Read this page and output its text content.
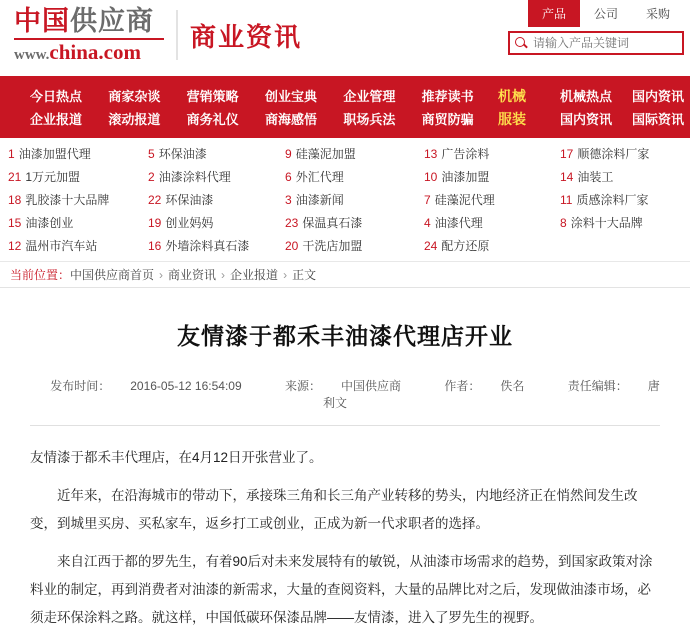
中国供应商
www.china.com	商业资讯
产品	公司	采购
请输入产品关键词
今日热点	商家杂谈	营销策略	创业宝典	企业管理	推荐读书
企业报道	滚动报道	商务礼仪	商海感悟	职场兵法	商贸防骗
机械	机械热点	国内资讯
服装	国内资讯	国际资讯
1 油漆加盟代理	5 环保油漆	9 硅藻泥加盟	13 广告涂料	17 顺德涂料厂家
21 1万元加盟	2 油漆涂料代理	6 外汇代理	10 油漆加盟	14 油装工
18 乳胶漆十大品牌	22 环保油漆	3 油漆新闻	7 硅藻泥代理	11 质感涂料厂家
15 油漆创业	19 创业妈妈	23 保温真石漆	4 油漆代理	8 涂料十大品牌
12 温州市汽车站	16 外墙涂料真石漆	20 干洗店加盟	24 配方还原
当前位置：中国供应商首页 › 商业资讯 › 企业报道 › 正文
友情漆于都禾丰油漆代理店开业
发布时间： 2016-05-12 16:54:09	来源： 中国供应商	作者： 佚名	责任编辑： 唐利文

友情漆于都禾丰代理店，在4月12日开张营业了。

近年来，在沿海城市的带动下，承接珠三角和长三角产业转移的势头，内地经济正在悄然间发生改变，到城里买房、买私家车，返乡打工或创业，正成为新一代求职者的选择。

来自江西于都的罗先生，有着90后对未来发展特有的敏锐，从油漆市场需求的趋势，到国家政策对涂料业的制定，再到消费者对油漆的新需求，大量的查阅资料，大量的品牌比对之后，发现做油漆市场，必须走环保涂料之路。就这样，中国低碳环保漆品牌——友情漆，进入了罗先生的视野。
